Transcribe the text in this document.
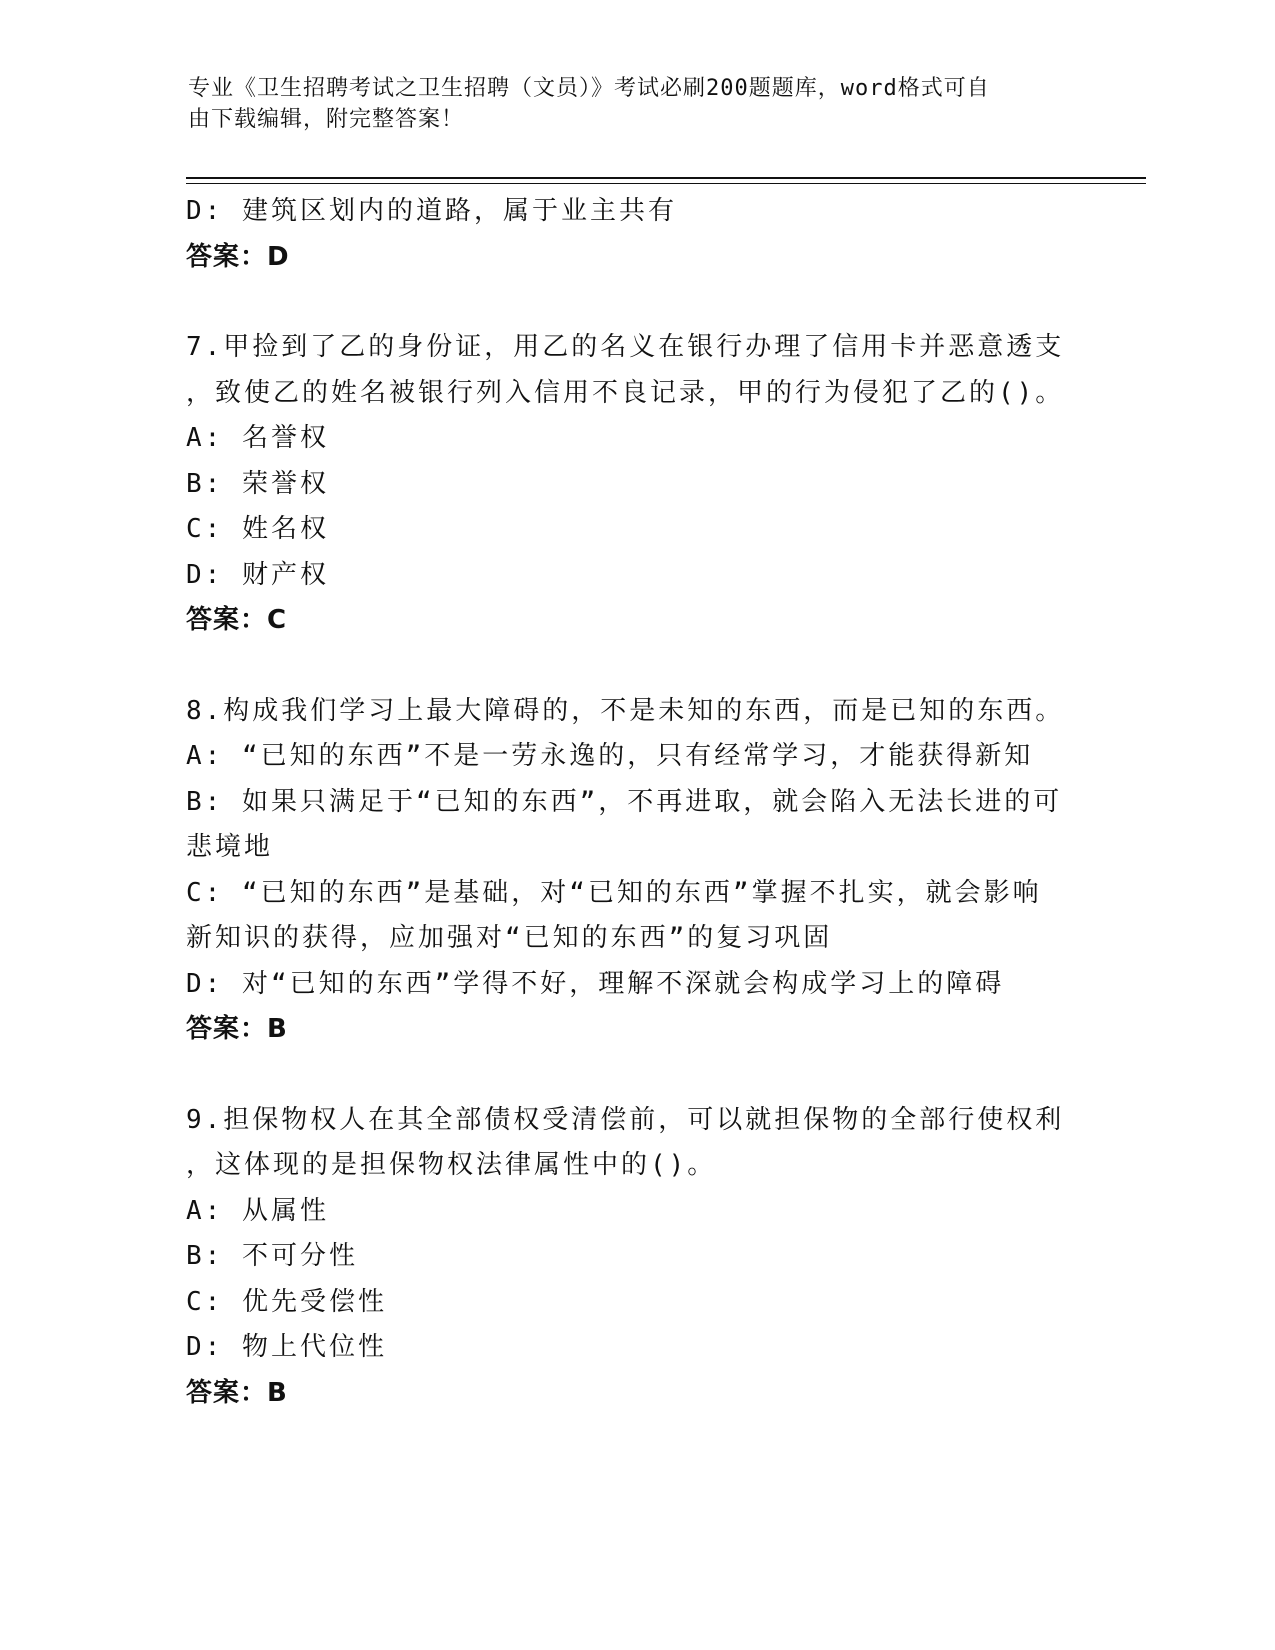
专业《卫生招聘考试之卫生招聘（文员）》考试必刷200题题库，word格式可自
由下载编辑，附完整答案！
D: 建筑区划内的道路，属于业主共有
答案：D
7.甲捡到了乙的身份证，用乙的名义在银行办理了信用卡并恶意透支
，致使乙的姓名被银行列入信用不良记录，甲的行为侵犯了乙的()。
A: 名誉权
B: 荣誉权
C: 姓名权
D: 财产权
答案：C
8.构成我们学习上最大障碍的，不是未知的东西，而是已知的东西。
A: “已知的东西”不是一劳永逸的，只有经常学习，才能获得新知
B: 如果只满足于“已知的东西”，不再进取，就会陷入无法长进的可
悲境地
C: “已知的东西”是基础，对“已知的东西”掌握不扎实，就会影响
新知识的获得，应加强对“已知的东西”的复习巩固
D: 对“已知的东西”学得不好，理解不深就会构成学习上的障碍
答案：B
9.担保物权人在其全部债权受清偿前，可以就担保物的全部行使权利
，这体现的是担保物权法律属性中的()。
A: 从属性
B: 不可分性
C: 优先受偿性
D: 物上代位性
答案：B
